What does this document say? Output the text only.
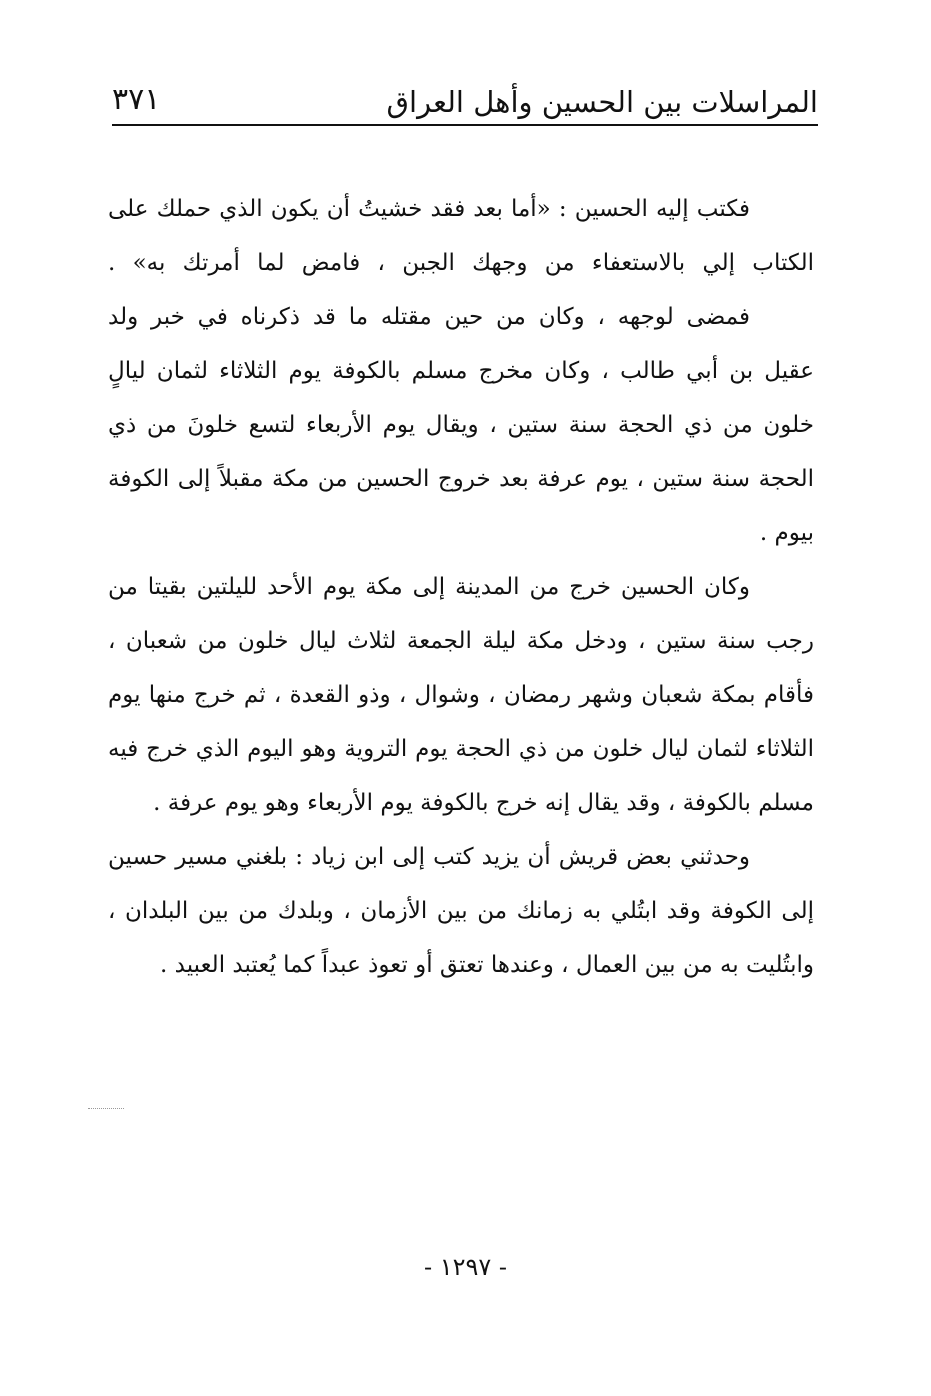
٣٧١	المراسلات بين الحسين وأهل العراق
فكتب إليه الحسين : «أما بعد فقد خشيتُ أن يكون الذي حملك على
الكتاب إلي بالاستعفاء من وجهك الجبن ، فامض لما أمرتك به» .
فمضى لوجهه ، وكان من حين مقتله ما قد ذكرناه في خبر ولد
عقيل بن أبي طالب ، وكان مخرج مسلم بالكوفة يوم الثلاثاء لثمان ليالٍ
خلون من ذي الحجة سنة ستين ، ويقال يوم الأربعاء لتسع خلونَ من ذي
الحجة سنة ستين ، يوم عرفة بعد خروج الحسين من مكة مقبلاً إلى الكوفة
بيوم .
وكان الحسين خرج من المدينة إلى مكة يوم الأحد لليلتين بقيتا من
رجب سنة ستين ، ودخل مكة ليلة الجمعة لثلاث ليال خلون من شعبان ،
فأقام بمكة شعبان وشهر رمضان ، وشوال ، وذو القعدة ، ثم خرج منها يوم
الثلاثاء لثمان ليال خلون من ذي الحجة يوم التروية وهو اليوم الذي خرج فيه
مسلم بالكوفة ، وقد يقال إنه خرج بالكوفة يوم الأربعاء وهو يوم عرفة .
وحدثني بعض قريش أن يزيد كتب إلى ابن زياد : بلغني مسير حسين
إلى الكوفة وقد ابتُلي به زمانك من بين الأزمان ، وبلدك من بين البلدان ،
وابتُليت به من بين العمال ، وعندها تعتق أو تعوذ عبداً كما يُعتبد العبيد .
- ١٢٩٧ -
